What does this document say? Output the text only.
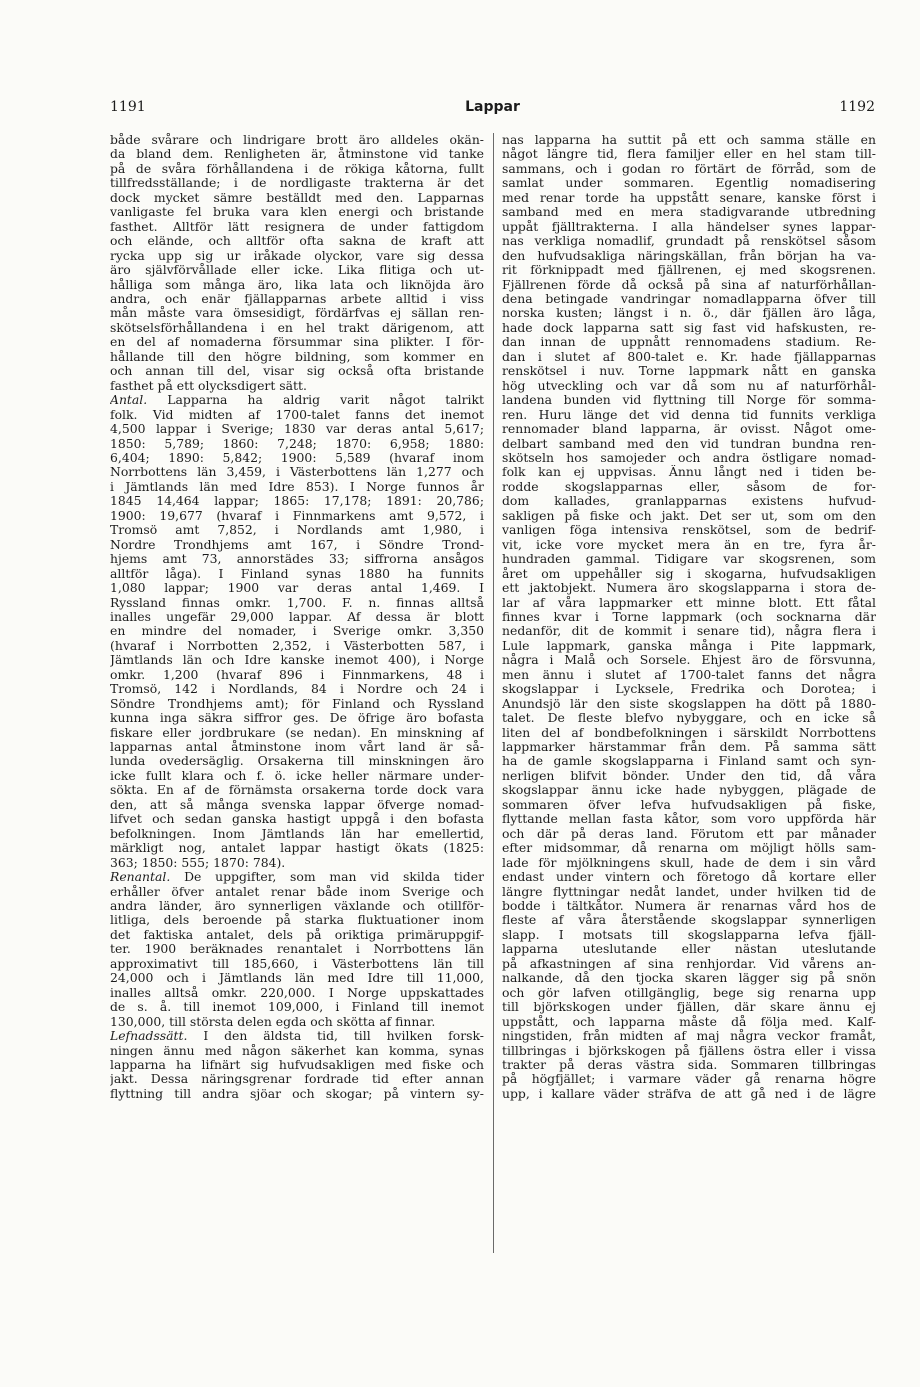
1191	Lappar	1192
både svårare och lindrigare brott äro alldeles okän-
da bland dem. Renligheten är, åtminstone vid tanke
på de svåra förhållandena i de rökiga kåtorna, fullt
tillfredsställande; i de nordligaste trakterna är det
dock mycket sämre beställdt med den. Lapparnas
vanligaste fel bruka vara klen energi och bristande
fasthet. Alltför lätt resignera de under fattigdom
och elände, och alltför ofta sakna de kraft att
rycka upp sig ur iråkade olyckor, vare sig dessa
äro självförvållade eller icke. Lika flitiga och ut-
hålliga som många äro, lika lata och liknöjda äro
andra, och enär fjällapparnas arbete alltid i viss
mån måste vara ömsesidigt, fördärfvas ej sällan ren-
skötselsförhållandena i en hel trakt därigenom, att
en del af nomaderna försummar sina plikter. I för-
hållande till den högre bildning, som kommer en
och annan till del, visar sig också ofta bristande
fasthet på ett olycksdigert sätt.
Antal. Lapparna ha aldrig varit något talrikt
folk. Vid midten af 1700-talet fanns det inemot
4,500 lappar i Sverige; 1830 var deras antal 5,617;
1850: 5,789; 1860: 7,248; 1870: 6,958; 1880:
6,404; 1890: 5,842; 1900: 5,589 (hvaraf inom
Norrbottens län 3,459, i Västerbottens län 1,277 och
i Jämtlands län med Idre 853). I Norge funnos år
1845 14,464 lappar; 1865: 17,178; 1891: 20,786;
1900: 19,677 (hvaraf i Finnmarkens amt 9,572, i
Tromsö amt 7,852, i Nordlands amt 1,980, i
Nordre Trondhjems amt 167, i Söndre Trond-
hjems amt 73, annorstädes 33; siffrorna ansågos
alltför låga). I Finland synas 1880 ha funnits
1,080 lappar; 1900 var deras antal 1,469. I
Ryssland finnas omkr. 1,700. F. n. finnas alltså
inalles ungefär 29,000 lappar. Af dessa är blott
en mindre del nomader, i Sverige omkr. 3,350
(hvaraf i Norrbotten 2,352, i Västerbotten 587, i
Jämtlands län och Idre kanske inemot 400), i Norge
omkr. 1,200 (hvaraf 896 i Finnmarkens, 48 i
Tromsö, 142 i Nordlands, 84 i Nordre och 24 i
Söndre Trondhjems amt); för Finland och Ryssland
kunna inga säkra siffror ges. De öfrige äro bofasta
fiskare eller jordbrukare (se nedan). En minskning af
lapparnas antal åtminstone inom vårt land är så-
lunda ovedersäglig. Orsakerna till minskningen äro
icke fullt klara och f. ö. icke heller närmare under-
sökta. En af de förnämsta orsakerna torde dock vara
den, att så många svenska lappar öfverge nomad-
lifvet och sedan ganska hastigt uppgå i den bofasta
befolkningen. Inom Jämtlands län har emellertid,
märkligt nog, antalet lappar hastigt ökats (1825:
363; 1850: 555; 1870: 784).
Renantal. De uppgifter, som man vid skilda tider
erhåller öfver antalet renar både inom Sverige och
andra länder, äro synnerligen växlande och otillför-
litliga, dels beroende på starka fluktuationer inom
det faktiska antalet, dels på oriktiga primäruppgif-
ter. 1900 beräknades renantalet i Norrbottens län
approximativt till 185,660, i Västerbottens län till
24,000 och i Jämtlands län med Idre till 11,000,
inalles alltså omkr. 220,000. I Norge uppskattades
de s. å. till inemot 109,000, i Finland till inemot
130,000, till största delen egda och skötta af finnar.
Lefnadssätt. I den äldsta tid, till hvilken forsk-
ningen ännu med någon säkerhet kan komma, synas
lapparna ha lifnärt sig hufvudsakligen med fiske och
jakt. Dessa näringsgrenar fordrade tid efter annan
flyttning till andra sjöar och skogar; på vintern sy-
nas lapparna ha suttit på ett och samma ställe en
något längre tid, flera familjer eller en hel stam till-
sammans, och i godan ro förtärt de förråd, som de
samlat under sommaren. Egentlig nomadisering
med renar torde ha uppstått senare, kanske först i
samband med en mera stadigvarande utbredning
uppåt fjälltrakterna. I alla händelser synes lappar-
nas verkliga nomadlif, grundadt på renskötsel såsom
den hufvudsakliga näringskällan, från början ha va-
rit förknippadt med fjällrenen, ej med skogsrenen.
Fjällrenen förde då också på sina af naturförhållan-
dena betingade vandringar nomadlapparna öfver till
norska kusten; längst i n. ö., där fjällen äro låga,
hade dock lapparna satt sig fast vid hafskusten, re-
dan innan de uppnått rennomadens stadium. Re-
dan i slutet af 800-talet e. Kr. hade fjällapparnas
renskötsel i nuv. Torne lappmark nått en ganska
hög utveckling och var då som nu af naturförhål-
landena bunden vid flyttning till Norge för somma-
ren. Huru länge det vid denna tid funnits verkliga
rennomader bland lapparna, är ovisst. Något ome-
delbart samband med den vid tundran bundna ren-
skötseln hos samojeder och andra östligare nomad-
folk kan ej uppvisas. Ännu långt ned i tiden be-
rodde skogslapparnas eller, såsom de for-
dom kallades, granlapparnas existens hufvud-
sakligen på fiske och jakt. Det ser ut, som om den
vanligen föga intensiva renskötsel, som de bedrif-
vit, icke vore mycket mera än en tre, fyra år-
hundraden gammal. Tidigare var skogsrenen, som
året om uppehåller sig i skogarna, hufvudsakligen
ett jaktobjekt. Numera äro skogslapparna i stora de-
lar af våra lappmarker ett minne blott. Ett fåtal
finnes kvar i Torne lappmark (och socknarna där
nedanför, dit de kommit i senare tid), några flera i
Lule lappmark, ganska många i Pite lappmark,
några i Malå och Sorsele. Ehjest äro de försvunna,
men ännu i slutet af 1700-talet fanns det några
skogslappar i Lycksele, Fredrika och Dorotea; i
Anundsjö lär den siste skogslappen ha dött på 1880-
talet. De fleste blefvo nybyggare, och en icke så
liten del af bondbefolkningen i särskildt Norrbottens
lappmarker härstammar från dem. På samma sätt
ha de gamle skogslapparna i Finland samt och syn-
nerligen blifvit bönder. Under den tid, då våra
skogslappar ännu icke hade nybyggen, plägade de
sommaren öfver lefva hufvudsakligen på fiske,
flyttande mellan fasta kåtor, som voro uppförda här
och där på deras land. Förutom ett par månader
efter midsommar, då renarna om möjligt hölls sam-
lade för mjölkningens skull, hade de dem i sin vård
endast under vintern och företogo då kortare eller
längre flyttningar nedåt landet, under hvilken tid de
bodde i tältkåtor. Numera är renarnas vård hos de
fleste af våra återstående skogslappar synnerligen
slapp. I motsats till skogslapparna lefva fjäll-
lapparna uteslutande eller nästan uteslutande
på afkastningen af sina renhjordar. Vid vårens an-
nalkande, då den tjocka skaren lägger sig på snön
och gör lafven otillgänglig, bege sig renarna upp
till björkskogen under fjällen, där skare ännu ej
uppstått, och lapparna måste då följa med. Kalf-
ningstiden, från midten af maj några veckor framåt,
tillbringas i björkskogen på fjällens östra eller i vissa
trakter på deras västra sida. Sommaren tillbringas
på högfjället; i varmare väder gå renarna högre
upp, i kallare väder sträfva de att gå ned i de lägre
